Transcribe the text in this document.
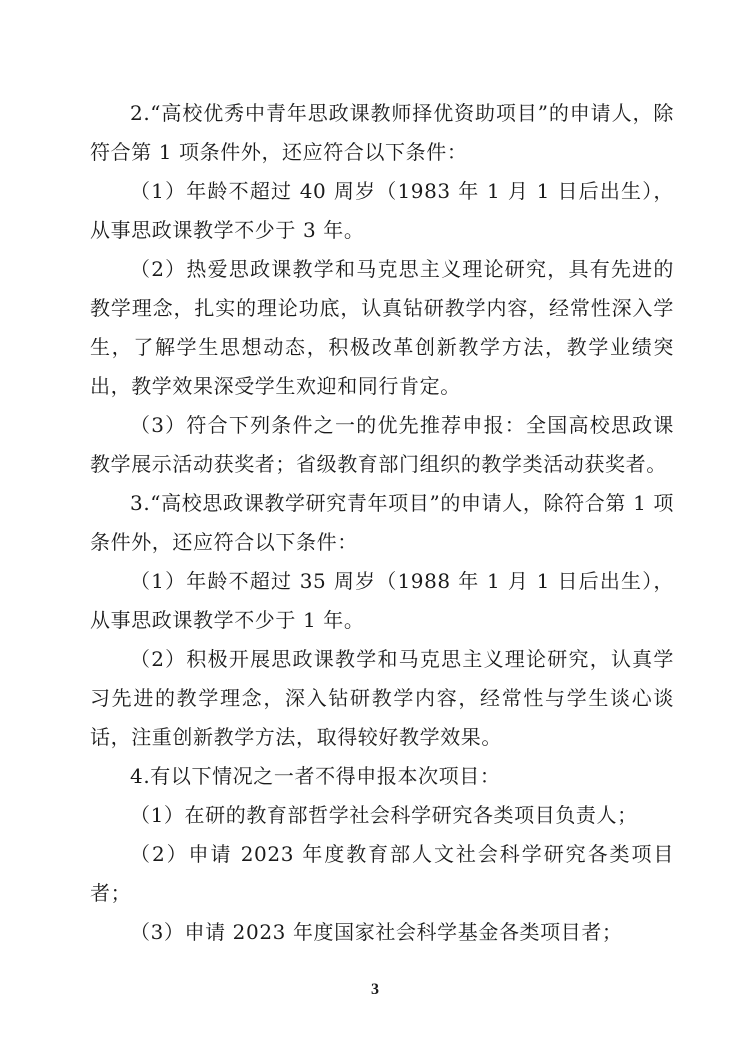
2.“高校优秀中青年思政课教师择优资助项目”的申请人，除符合第 1 项条件外，还应符合以下条件：

（1）年龄不超过 40 周岁（1983 年 1 月 1 日后出生），从事思政课教学不少于 3 年。

（2）热爱思政课教学和马克思主义理论研究，具有先进的教学理念，扎实的理论功底，认真钻研教学内容，经常性深入学生，了解学生思想动态，积极改革创新教学方法，教学业绩突出，教学效果深受学生欢迎和同行肯定。

（3）符合下列条件之一的优先推荐申报：全国高校思政课教学展示活动获奖者；省级教育部门组织的教学类活动获奖者。

3.“高校思政课教学研究青年项目”的申请人，除符合第 1 项条件外，还应符合以下条件：

（1）年龄不超过 35 周岁（1988 年 1 月 1 日后出生），从事思政课教学不少于 1 年。

（2）积极开展思政课教学和马克思主义理论研究，认真学习先进的教学理念，深入钻研教学内容，经常性与学生谈心谈话，注重创新教学方法，取得较好教学效果。

4.有以下情况之一者不得申报本次项目：

（1）在研的教育部哲学社会科学研究各类项目负责人；

（2）申请 2023 年度教育部人文社会科学研究各类项目者；

（3）申请 2023 年度国家社会科学基金各类项目者；

3
